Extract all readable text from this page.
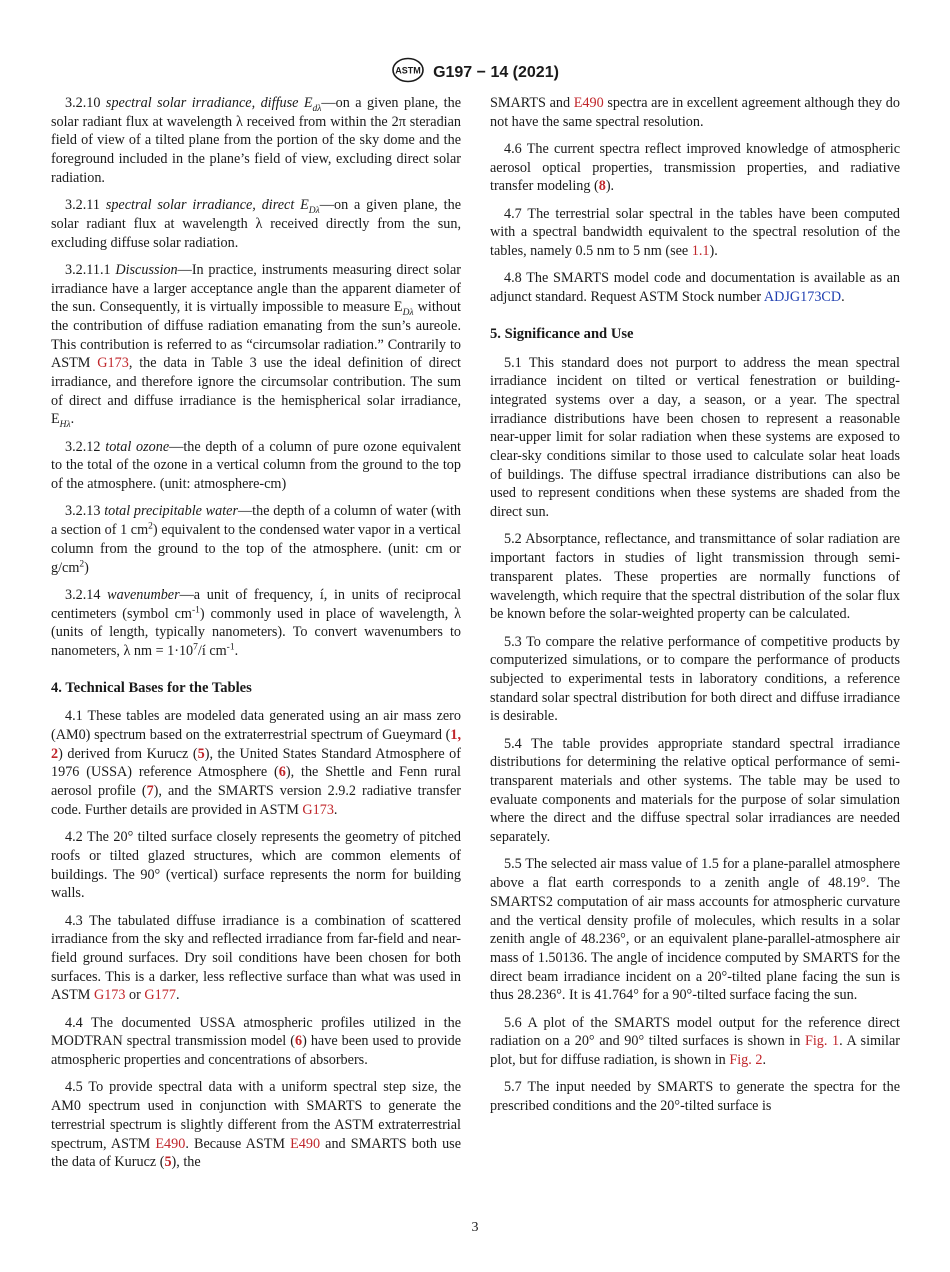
ASTM G197 − 14 (2021)

3.2.10 spectral solar irradiance, diffuse $E_{d\lambda}—on$ a given plane, the solar radiant flux at wavelength λ received from within the 2π steradian field of view of a tilted plane from the portion of the sky dome and the foreground included in the plane’s field of view, excluding direct solar radiation.

3.2.11 spectral solar irradiance, direct $E_{D\lambda}—on$ a given plane, the solar radiant flux at wavelength λ received directly from the sun, excluding diffuse solar radiation.

3.2.11.1 Discussion—In practice, instruments measuring direct solar irradiance have a larger acceptance angle than the apparent diameter of the sun. Consequently, it is virtually impossible to measure $E_{D\lambda}$ without the contribution of diffuse radiation emanating from the sun’s aureole. This contribution is referred to as “circumsolar radiation.” Contrarily to ASTM G173, the data in Table 3 use the ideal definition of direct irradiance, and therefore ignore the circumsolar contribution. The sum of direct and diffuse irradiance is the hemispherical solar irradiance, $E_{H\lambda}$.

3.2.12 total ozone—the depth of a column of pure ozone equivalent to the total of the ozone in a vertical column from the ground to the top of the atmosphere. (unit: atmosphere-cm)

3.2.13 total precipitable water—the depth of a column of water (with a section of 1 $cm^2$) equivalent to the condensed water vapor in a vertical column from the ground to the top of the atmosphere. (unit: cm or $g/cm^2$)

3.2.14 wavenumber—a unit of frequency, í, in units of reciprocal centimeters (symbol $cm^{-1}$) commonly used in place of wavelength, λ (units of length, typically nanometers). To convert wavenumbers to nanometers, λ nm = $1\cdot 10^7/í$ $cm^{-1}$.

4. Technical Bases for the Tables

4.1 These tables are modeled data generated using an air mass zero (AM0) spectrum based on the extraterrestrial spectrum of Gueymard (1, 2) derived from Kurucz (5), the United States Standard Atmosphere of 1976 (USSA) reference Atmosphere (6), the Shettle and Fenn rural aerosol profile (7), and the SMARTS version 2.9.2 radiative transfer code. Further details are provided in ASTM G173.

4.2 The 20° tilted surface closely represents the geometry of pitched roofs or tilted glazed structures, which are common elements of buildings. The 90° (vertical) surface represents the norm for building walls.

4.3 The tabulated diffuse irradiance is a combination of scattered irradiance from the sky and reflected irradiance from far-field and near-field ground surfaces. Dry soil conditions have been chosen for both surfaces. This is a darker, less reflective surface than what was used in ASTM G173 or G177.

4.4 The documented USSA atmospheric profiles utilized in the MODTRAN spectral transmission model (6) have been used to provide atmospheric properties and concentrations of absorbers.

4.5 To provide spectral data with a uniform spectral step size, the AM0 spectrum used in conjunction with SMARTS to generate the terrestrial spectrum is slightly different from the ASTM extraterrestrial spectrum, ASTM E490. Because ASTM E490 and SMARTS both use the data of Kurucz (5), the

SMARTS and E490 spectra are in excellent agreement although they do not have the same spectral resolution.

4.6 The current spectra reflect improved knowledge of atmospheric aerosol optical properties, transmission properties, and radiative transfer modeling (8).

4.7 The terrestrial solar spectral in the tables have been computed with a spectral bandwidth equivalent to the spectral resolution of the tables, namely 0.5 nm to 5 nm (see 1.1).

4.8 The SMARTS model code and documentation is available as an adjunct standard. Request ASTM Stock number ADJG173CD.

5. Significance and Use

5.1 This standard does not purport to address the mean spectral irradiance incident on tilted or vertical fenestration or building-integrated systems over a day, a season, or a year. The spectral irradiance distributions have been chosen to represent a reasonable near-upper limit for solar radiation when these systems are exposed to clear-sky conditions similar to those used to calculate solar heat loads of buildings. The diffuse spectral irradiance distributions can also be used to represent conditions when these systems are shaded from the direct sun.

5.2 Absorptance, reflectance, and transmittance of solar radiation are important factors in studies of light transmission through semi-transparent plates. These properties are normally functions of wavelength, which require that the spectral distribution of the solar flux be known before the solar-weighted property can be calculated.

5.3 To compare the relative performance of competitive products by computerized simulations, or to compare the performance of products subjected to experimental tests in laboratory conditions, a reference standard solar spectral distribution for both direct and diffuse irradiance is desirable.

5.4 The table provides appropriate standard spectral irradiance distributions for determining the relative optical performance of semi-transparent materials and other systems. The table may be used to evaluate components and materials for the purpose of solar simulation where the direct and the diffuse spectral solar irradiances are needed separately.

5.5 The selected air mass value of 1.5 for a plane-parallel atmosphere above a flat earth corresponds to a zenith angle of 48.19°. The SMARTS2 computation of air mass accounts for atmospheric curvature and the vertical density profile of molecules, which results in a solar zenith angle of 48.236°, or an equivalent plane-parallel-atmosphere air mass of 1.50136. The angle of incidence computed by SMARTS for the direct beam irradiance incident on a 20°-tilted plane facing the sun is thus 28.236°. It is 41.764° for a 90°-tilted surface facing the sun.

5.6 A plot of the SMARTS model output for the reference direct radiation on a 20° and 90° tilted surfaces is shown in Fig. 1. A similar plot, but for diffuse radiation, is shown in Fig. 2.

5.7 The input needed by SMARTS to generate the spectra for the prescribed conditions and the 20°-tilted surface is

3
